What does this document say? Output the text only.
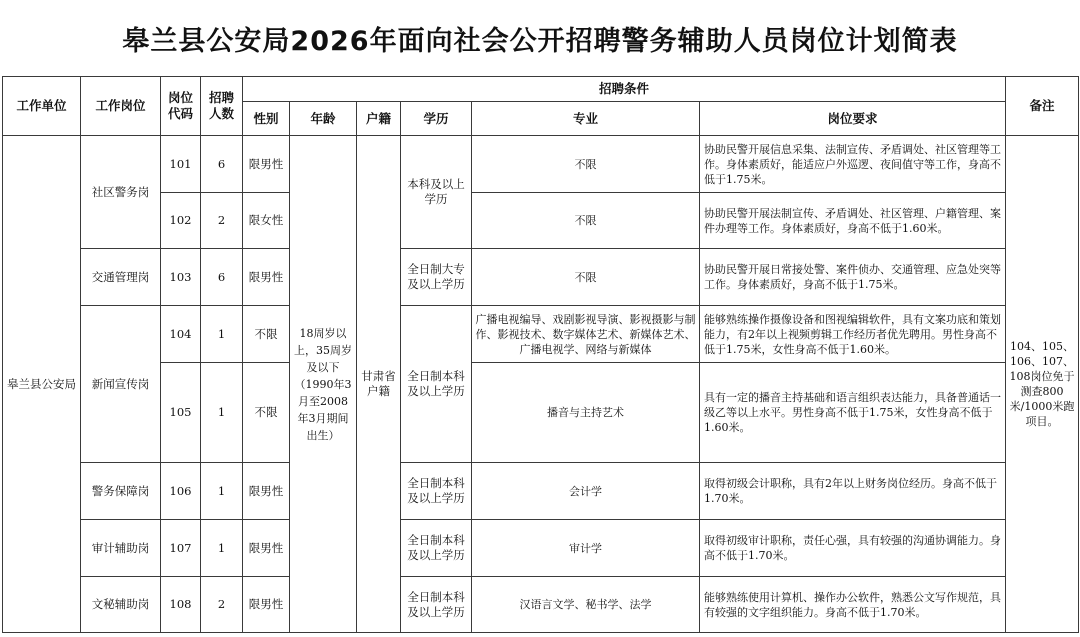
皋兰县公安局2026年面向社会公开招聘警务辅助人员岗位计划简表
工作单位	工作岗位	岗位代码	招聘人数	招聘条件						备注
				性别	年龄	户籍	学历	专业	岗位要求	
皋兰县公安局	社区警务岗	101	6	限男性	18周岁以上，35周岁及以下（1990年3月至2008年3月期间出生）	甘肃省户籍	本科及以上学历	不限	协助民警开展信息采集、法制宣传、矛盾调处、社区管理等工作。身体素质好，能适应户外巡逻、夜间值守等工作，身高不低于1.75米。	104、105、106、107、108岗位免于测查800米/1000米跑项目。
		102	2	限女性				不限	协助民警开展法制宣传、矛盾调处、社区管理、户籍管理、案件办理等工作。身体素质好，身高不低于1.60米。	
	交通管理岗	103	6	限男性			全日制大专及以上学历	不限	协助民警开展日常接处警、案件侦办、交通管理、应急处突等工作。身体素质好，身高不低于1.75米。	
	新闻宣传岗	104	1	不限			全日制本科及以上学历	广播电视编导、戏剧影视导演、影视摄影与制作、影视技术、数字媒体艺术、新媒体艺术、广播电视学、网络与新媒体	能够熟练操作摄像设备和图视编辑软件，具有文案功底和策划能力，有2年以上视频剪辑工作经历者优先聘用。男性身高不低于1.75米，女性身高不低于1.60米。	
		105	1	不限				播音与主持艺术	具有一定的播音主持基础和语言组织表达能力，具备普通话一级乙等以上水平。男性身高不低于1.75米，女性身高不低于1.60米。	
	警务保障岗	106	1	限男性			全日制本科及以上学历	会计学	取得初级会计职称，具有2年以上财务岗位经历。身高不低于1.70米。	
	审计辅助岗	107	1	限男性			全日制本科及以上学历	审计学	取得初级审计职称，责任心强，具有较强的沟通协调能力。身高不低于1.70米。	
	文秘辅助岗	108	2	限男性			全日制本科及以上学历	汉语言文学、秘书学、法学	能够熟练使用计算机、操作办公软件，熟悉公文写作规范，具有较强的文字组织能力。身高不低于1.70米。	
